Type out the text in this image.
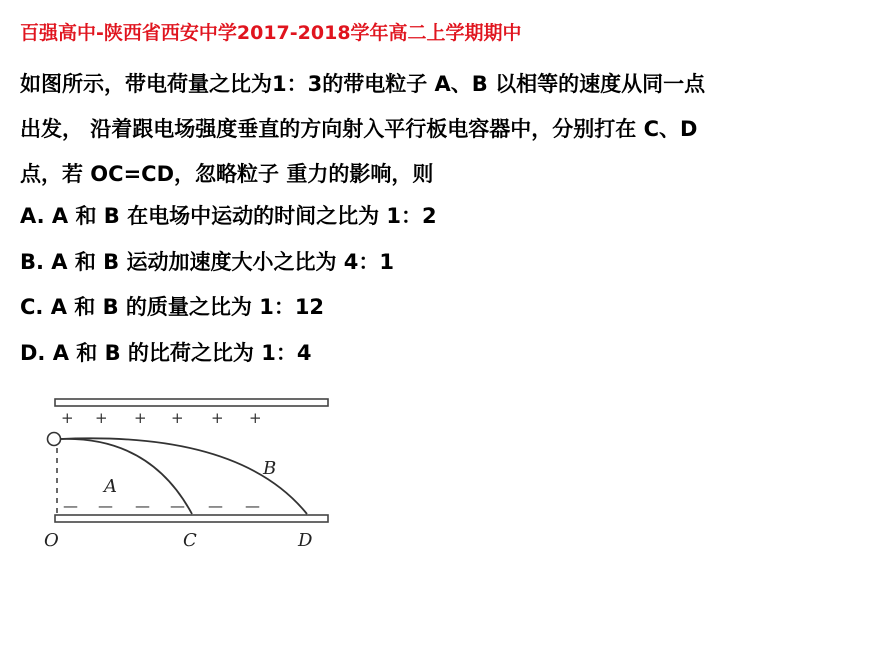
百强高中-陕西省西安中学2017-2018学年高二上学期期中
如图所示，带电荷量之比为1：3的带电粒子 A、B 以相等的速度从同一点
出发， 沿着跟电场强度垂直的方向射入平行板电容器中，分别打在 C、D
点，若 OC=CD，忽略粒子 重力的影响，则
A. A 和 B 在电场中运动的时间之比为 1：2
B. A 和 B 运动加速度大小之比为 4：1
C. A 和 B 的质量之比为 1：12
D. A 和 B 的比荷之比为 1：4
+ + + + + +
— — — — — —
A
B
O	C	D
